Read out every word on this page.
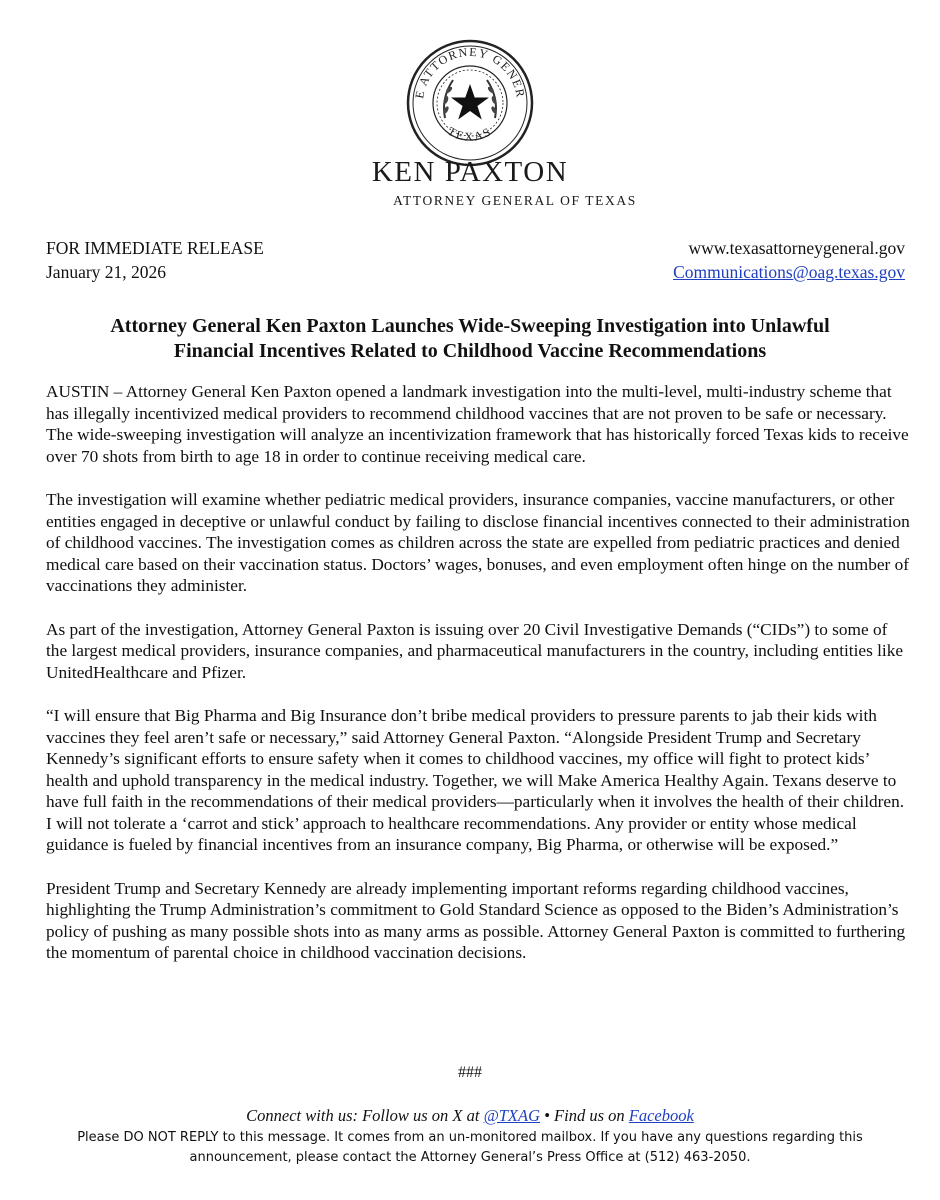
E ATTORNEY GENER
TEXAS
KEN PAXTON
ATTORNEY GENERAL OF TEXAS
FOR IMMEDIATE RELEASE
January 21, 2026
www.texasattorneygeneral.gov
Communications@oag.texas.gov
Attorney General Ken Paxton Launches Wide-Sweeping Investigation into Unlawful
Financial Incentives Related to Childhood Vaccine Recommendations

AUSTIN – Attorney General Ken Paxton opened a landmark investigation into the multi-level, multi-industry scheme that has illegally incentivized medical providers to recommend childhood vaccines that are not proven to be safe or necessary. The wide-sweeping investigation will analyze an incentivization framework that has historically forced Texas kids to receive over 70 shots from birth to age 18 in order to continue receiving medical care.

The investigation will examine whether pediatric medical providers, insurance companies, vaccine manufacturers, or other entities engaged in deceptive or unlawful conduct by failing to disclose financial incentives connected to their administration of childhood vaccines. The investigation comes as children across the state are expelled from pediatric practices and denied medical care based on their vaccination status. Doctors’ wages, bonuses, and even employment often hinge on the number of vaccinations they administer.

As part of the investigation, Attorney General Paxton is issuing over 20 Civil Investigative Demands (“CIDs”) to some of the largest medical providers, insurance companies, and pharmaceutical manufacturers in the country, including entities like UnitedHealthcare and Pfizer.

“I will ensure that Big Pharma and Big Insurance don’t bribe medical providers to pressure parents to jab their kids with vaccines they feel aren’t safe or necessary,” said Attorney General Paxton. “Alongside President Trump and Secretary Kennedy’s significant efforts to ensure safety when it comes to childhood vaccines, my office will fight to protect kids’ health and uphold transparency in the medical industry. Together, we will Make America Healthy Again. Texans deserve to have full faith in the recommendations of their medical providers—particularly when it involves the health of their children. I will not tolerate a ‘carrot and stick’ approach to healthcare recommendations. Any provider or entity whose medical guidance is fueled by financial incentives from an insurance company, Big Pharma, or otherwise will be exposed.”

President Trump and Secretary Kennedy are already implementing important reforms regarding childhood vaccines, highlighting the Trump Administration’s commitment to Gold Standard Science as opposed to the Biden’s Administration’s policy of pushing as many possible shots into as many arms as possible. Attorney General Paxton is committed to furthering the momentum of parental choice in childhood vaccination decisions.

###
Connect with us: Follow us on X at @TXAG • Find us on Facebook
Please DO NOT REPLY to this message. It comes from an un-monitored mailbox. If you have any questions regarding this announcement, please contact the Attorney General’s Press Office at (512) 463-2050.
